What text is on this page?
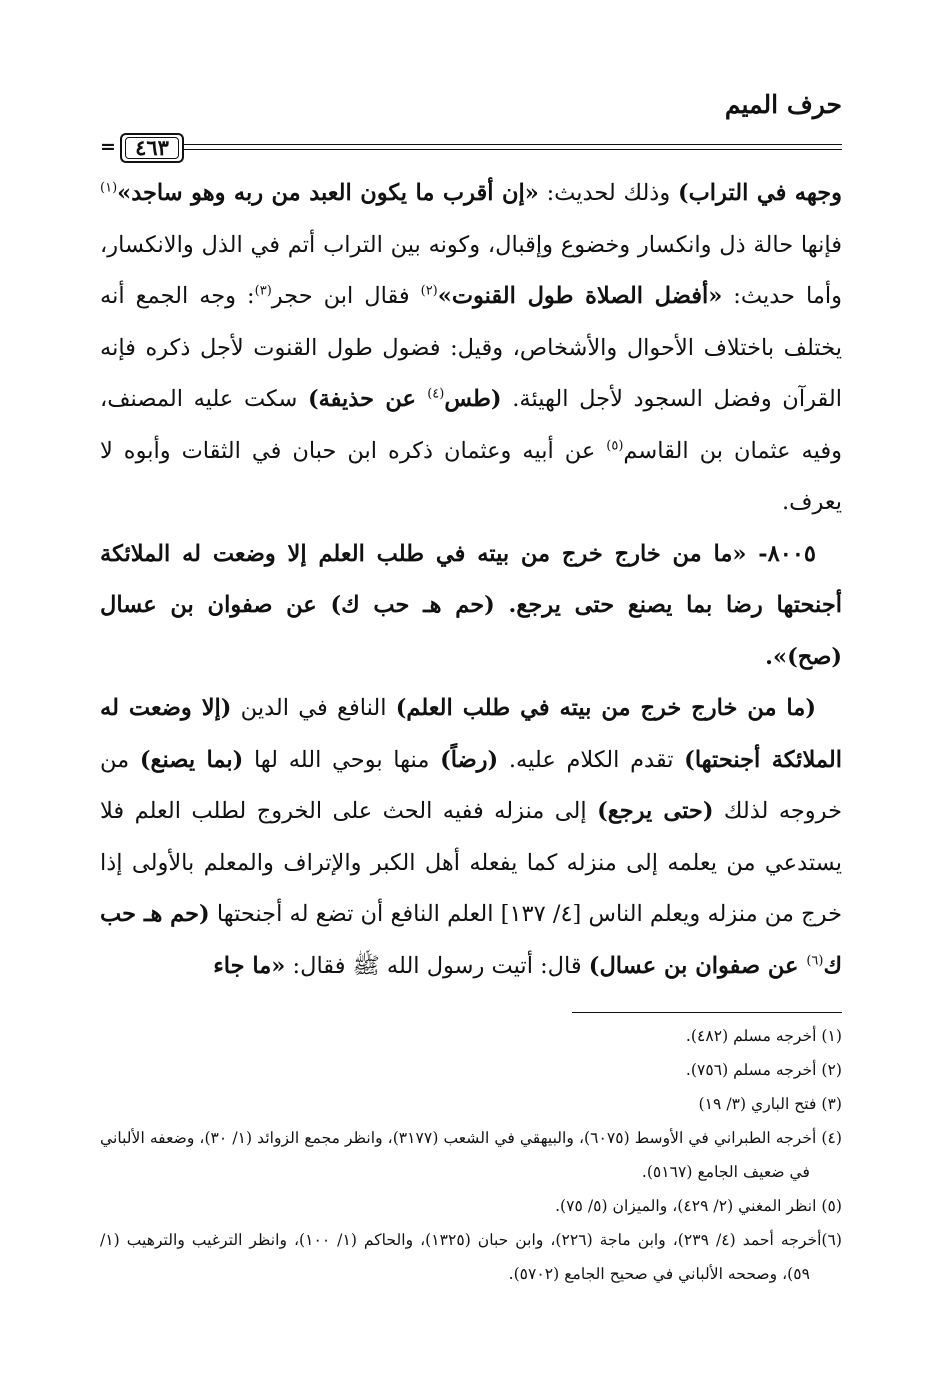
حرف الميم
٤٦٣
=

وجهه في التراب) وذلك لحديث: «إن أقرب ما يكون العبد من ربه وهو ساجد»$^{(١)}$ فإنها حالة ذل وانكسار وخضوع وإقبال، وكونه بين التراب أتم في الذل والانكسار، وأما حديث: «أفضل الصلاة طول القنوت»$^{(٢)}$ فقال ابن حجر$^{(٣)}$: وجه الجمع أنه يختلف باختلاف الأحوال والأشخاص، وقيل: فضول طول القنوت لأجل ذكره فإنه القرآن وفضل السجود لأجل الهيئة. (طس$^{(٤)}$ عن حذيفة) سكت عليه المصنف، وفيه عثمان بن القاسم$^{(٥)}$ عن أبيه وعثمان ذكره ابن حبان في الثقات وأبوه لا يعرف.

٨٠٠٥- «ما من خارج خرج من بيته في طلب العلم إلا وضعت له الملائكة أجنحتها رضا بما يصنع حتى يرجع. (حم هـ حب ك) عن صفوان بن عسال (صح)».

(ما من خارج خرج من بيته في طلب العلم) النافع في الدين (إلا وضعت له الملائكة أجنحتها) تقدم الكلام عليه. (رضاً) منها بوحي الله لها (بما يصنع) من خروجه لذلك (حتى يرجع) إلى منزله ففيه الحث على الخروج لطلب العلم فلا يستدعي من يعلمه إلى منزله كما يفعله أهل الكبر والإتراف والمعلم بالأولى إذا خرج من منزله ويعلم الناس [٤/ ١٣٧] العلم النافع أن تضع له أجنحتها (حم هـ حب ك$^{(٦)}$ عن صفوان بن عسال) قال: أتيت رسول الله ﷺ فقال: «ما جاء

(١) أخرجه مسلم (٤٨٢).

(٢) أخرجه مسلم (٧٥٦).

(٣) فتح الباري (٣/ ١٩)

(٤) أخرجه الطبراني في الأوسط (٦٠٧٥)، والبيهقي في الشعب (٣١٧٧)، وانظر مجمع الزوائد (١/ ٣٠)، وضعفه الألباني في ضعيف الجامع (٥١٦٧).

(٥) انظر المغني (٢/ ٤٢٩)، والميزان (٥/ ٧٥).

(٦)أخرجه أحمد (٤/ ٢٣٩)، وابن ماجة (٢٢٦)، وابن حبان (١٣٢٥)، والحاكم (١/ ١٠٠)، وانظر الترغيب والترهيب (١/ ٥٩)، وصححه الألباني في صحيح الجامع (٥٧٠٢).
